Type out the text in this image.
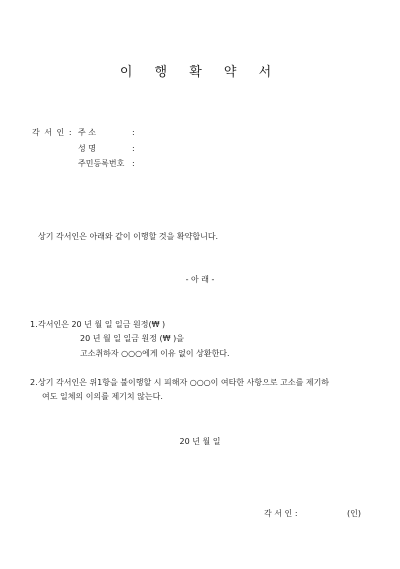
이 행 확 약 서
각 서 인 : 주 소	:
성 명	:
주민등록번호 :
상기 각서인은 아래와 같이 이행할 것을 확약합니다.
- 아 래 -
1. 각서인은 20 년 월 일 일금 원정(₩ )
20 년 월 일 일금 원정 (₩ )을
고소취하자 ○○○에게 이유 없이 상환한다.
2. 상기 각서인은 위1항을 불이행할 시 피해자 ○○○이 여타한 사항으로 고소를 제기하
여도 일체의 이의를 제기치 않는다.
20 년 월 일
각 서 인 :	(인)
